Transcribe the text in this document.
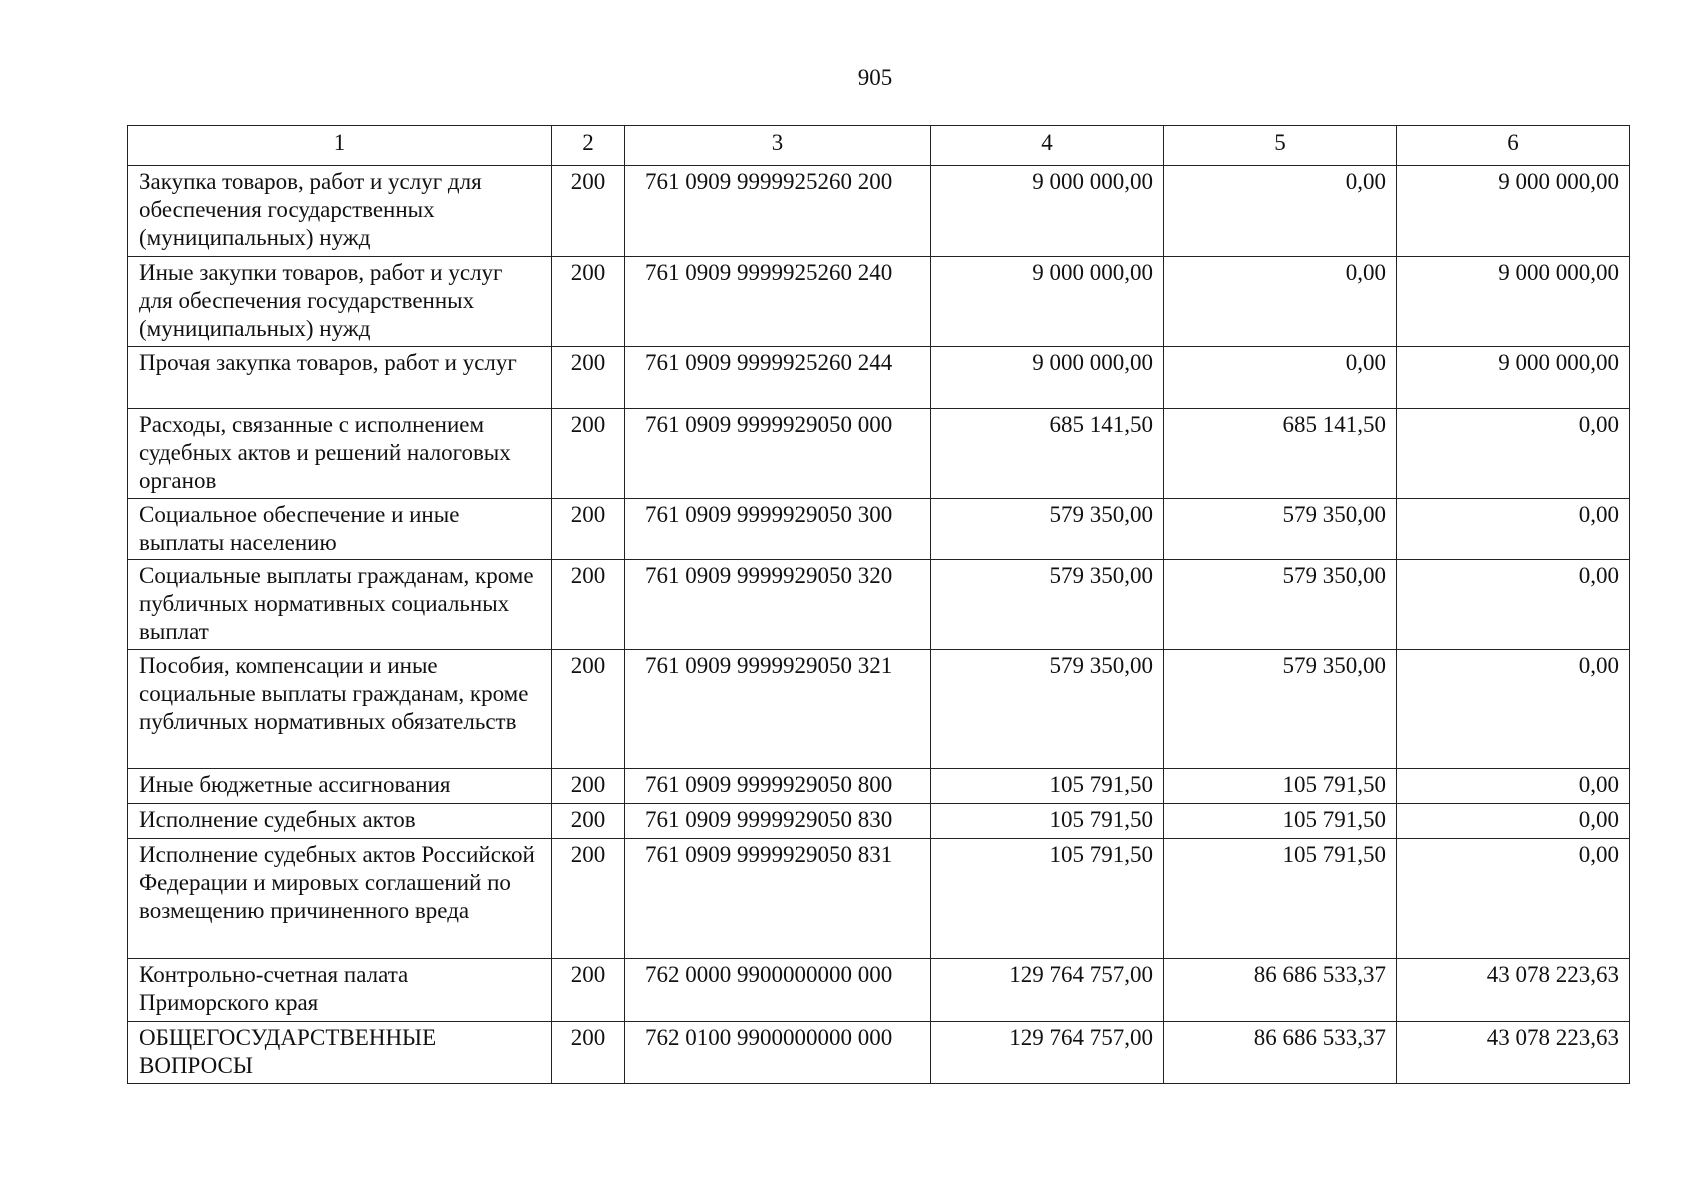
905
1	2	3	4	5	6
Закупка товаров, работ и услуг для обеспечения государственных (муниципальных) нужд	200	761 0909 9999925260 200	9 000 000,00	0,00	9 000 000,00
Иные закупки товаров, работ и услуг для обеспечения государственных (муниципальных) нужд	200	761 0909 9999925260 240	9 000 000,00	0,00	9 000 000,00
Прочая закупка товаров, работ и услуг	200	761 0909 9999925260 244	9 000 000,00	0,00	9 000 000,00
Расходы, связанные с исполнением судебных актов и решений налоговых органов	200	761 0909 9999929050 000	685 141,50	685 141,50	0,00
Социальное обеспечение и иные выплаты населению	200	761 0909 9999929050 300	579 350,00	579 350,00	0,00
Социальные выплаты гражданам, кроме публичных нормативных социальных выплат	200	761 0909 9999929050 320	579 350,00	579 350,00	0,00
Пособия, компенсации и иные социальные выплаты гражданам, кроме публичных нормативных обязательств	200	761 0909 9999929050 321	579 350,00	579 350,00	0,00
Иные бюджетные ассигнования	200	761 0909 9999929050 800	105 791,50	105 791,50	0,00
Исполнение судебных актов	200	761 0909 9999929050 830	105 791,50	105 791,50	0,00
Исполнение судебных актов Российской Федерации и мировых соглашений по возмещению причиненного вреда	200	761 0909 9999929050 831	105 791,50	105 791,50	0,00
Контрольно-счетная палата Приморского края	200	762 0000 9900000000 000	129 764 757,00	86 686 533,37	43 078 223,63
ОБЩЕГОСУДАРСТВЕННЫЕ ВОПРОСЫ	200	762 0100 9900000000 000	129 764 757,00	86 686 533,37	43 078 223,63
